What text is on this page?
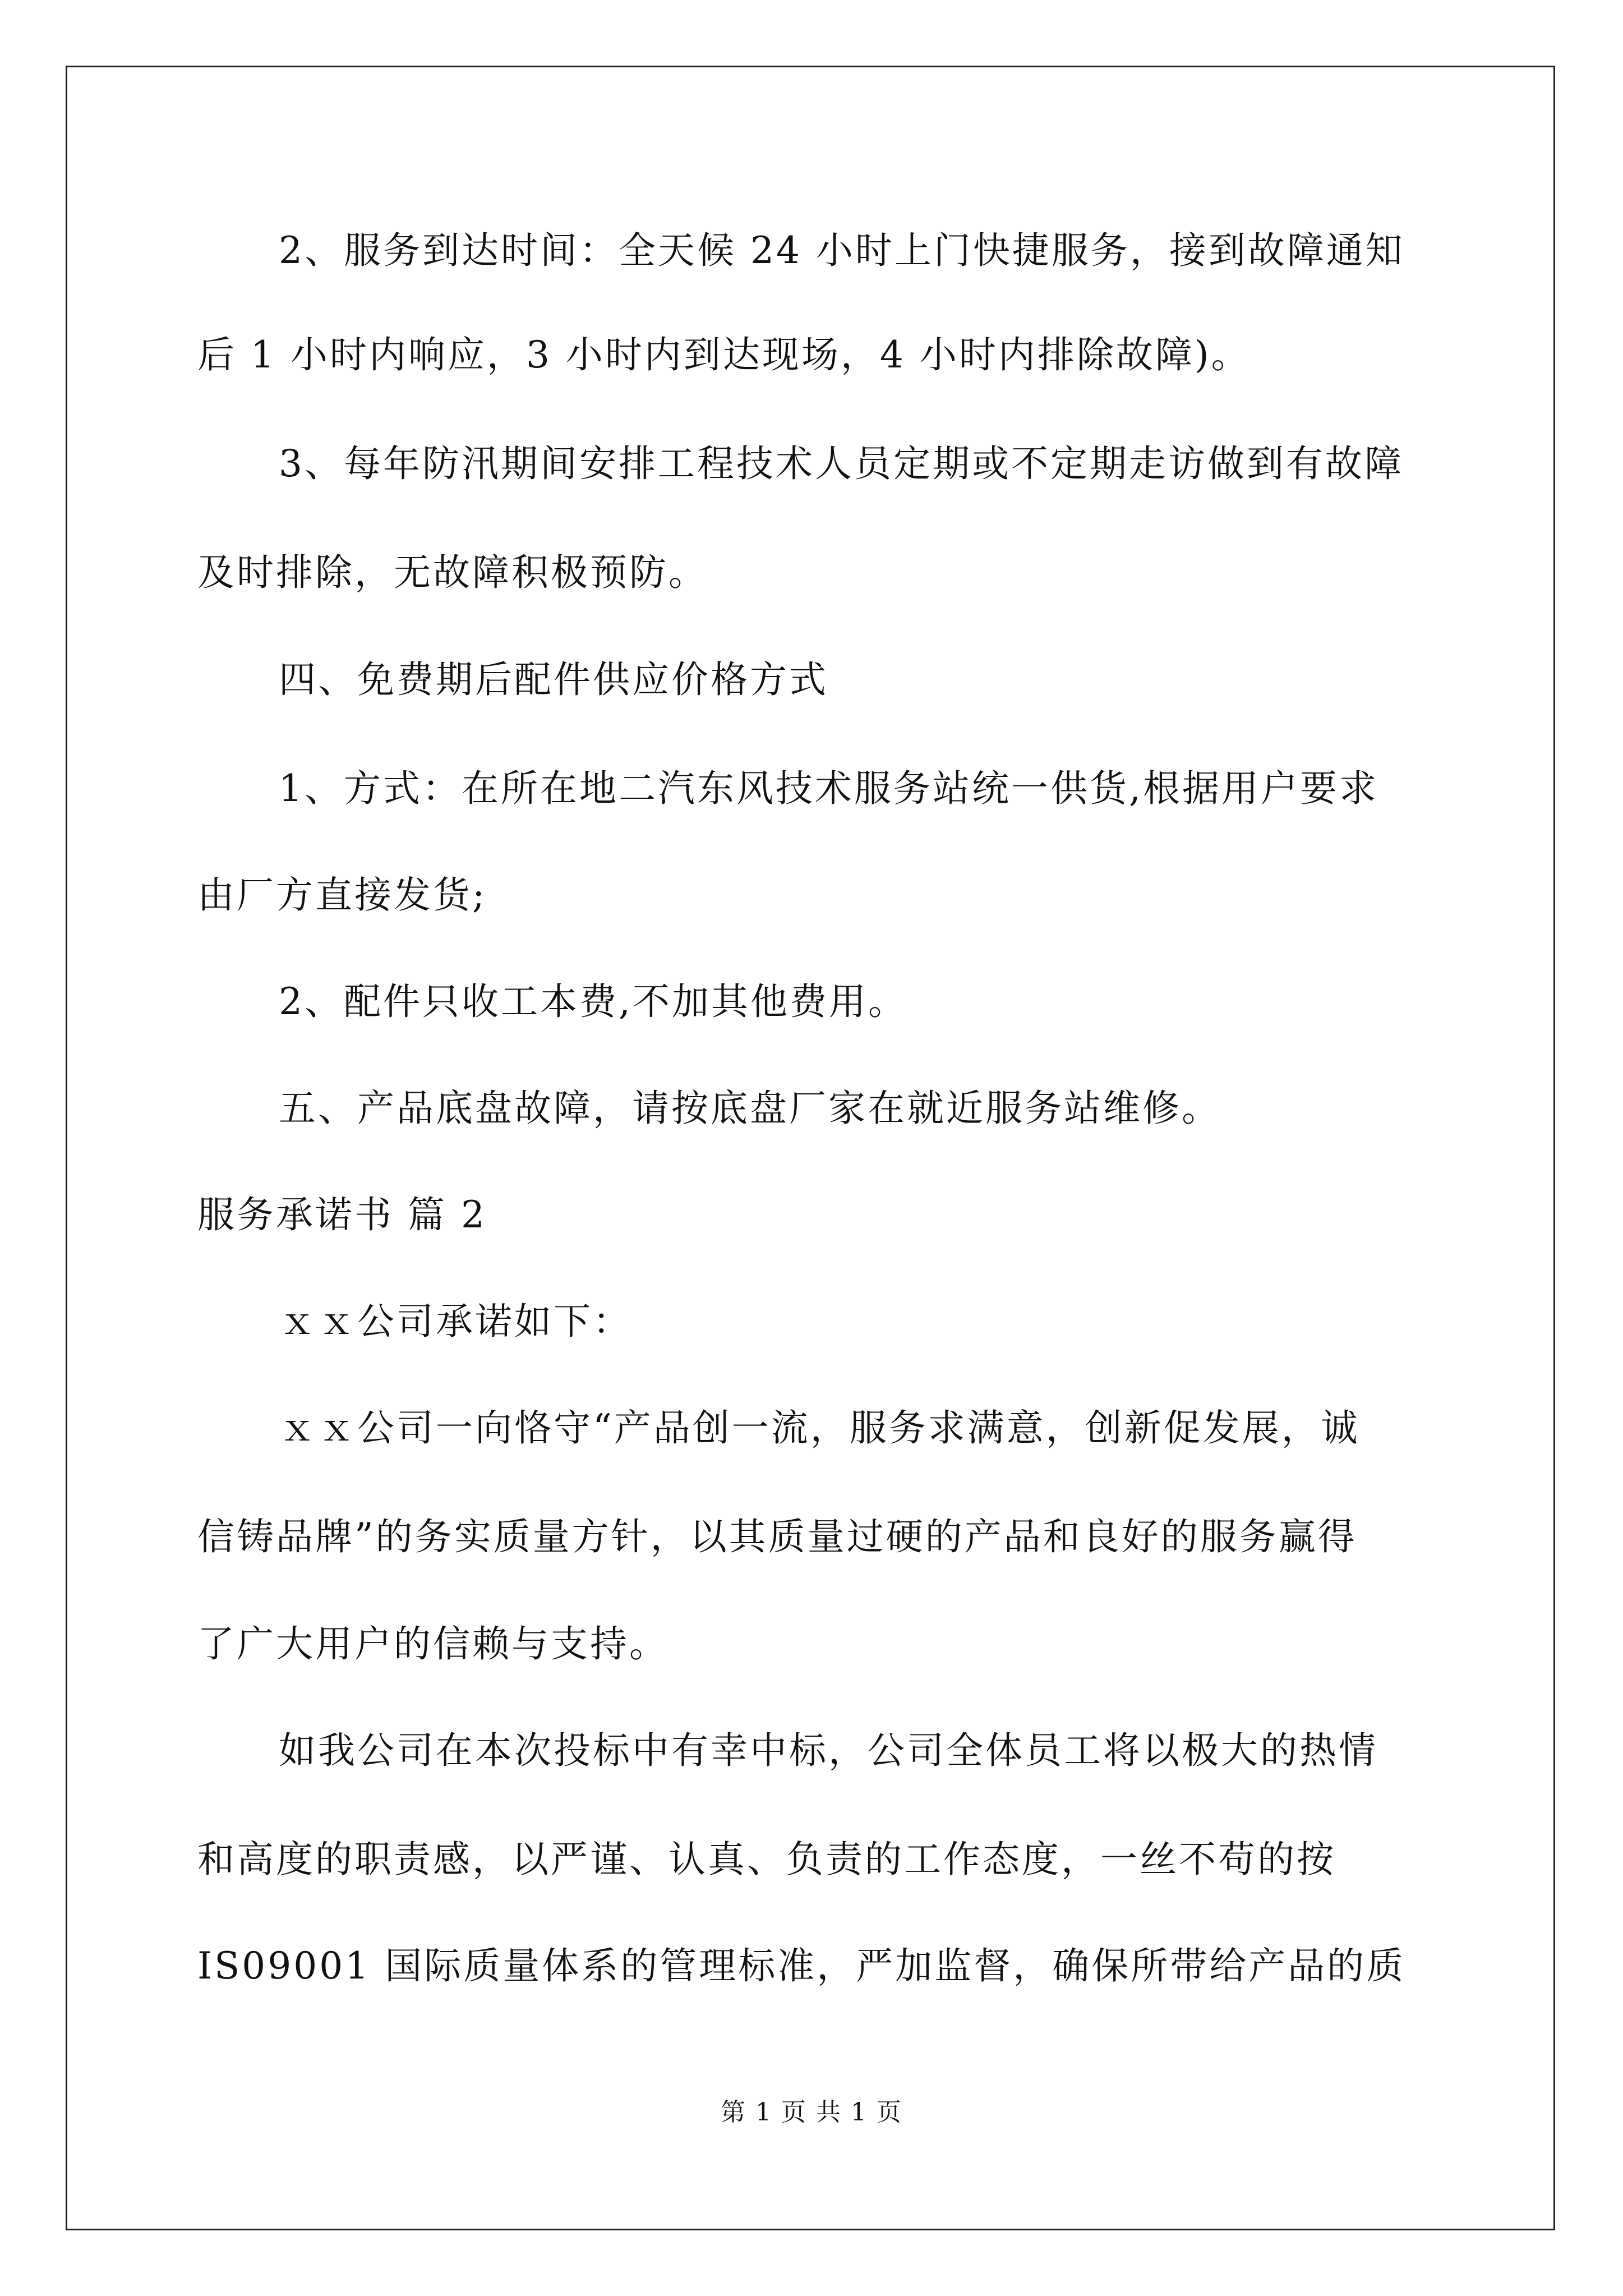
2、服务到达时间：全天候 24 小时上门快捷服务，接到故障通知
后 1 小时内响应，3 小时内到达现场，4 小时内排除故障)。
3、每年防汛期间安排工程技术人员定期或不定期走访做到有故障
及时排除，无故障积极预防。
四、免费期后配件供应价格方式
1、方式：在所在地二汽东风技术服务站统一供货,根据用户要求
由厂方直接发货;
2、配件只收工本费,不加其他费用。
五、产品底盘故障，请按底盘厂家在就近服务站维修。
服务承诺书 篇 2
ｘｘ公司承诺如下：
ｘｘ公司一向恪守“产品创一流，服务求满意，创新促发展，诚
信铸品牌”的务实质量方针，以其质量过硬的产品和良好的服务赢得
了广大用户的信赖与支持。
如我公司在本次投标中有幸中标，公司全体员工将以极大的热情
和高度的职责感，以严谨、认真、负责的工作态度，一丝不苟的按
IS09001 国际质量体系的管理标准，严加监督，确保所带给产品的质
第 1 页 共 1 页
